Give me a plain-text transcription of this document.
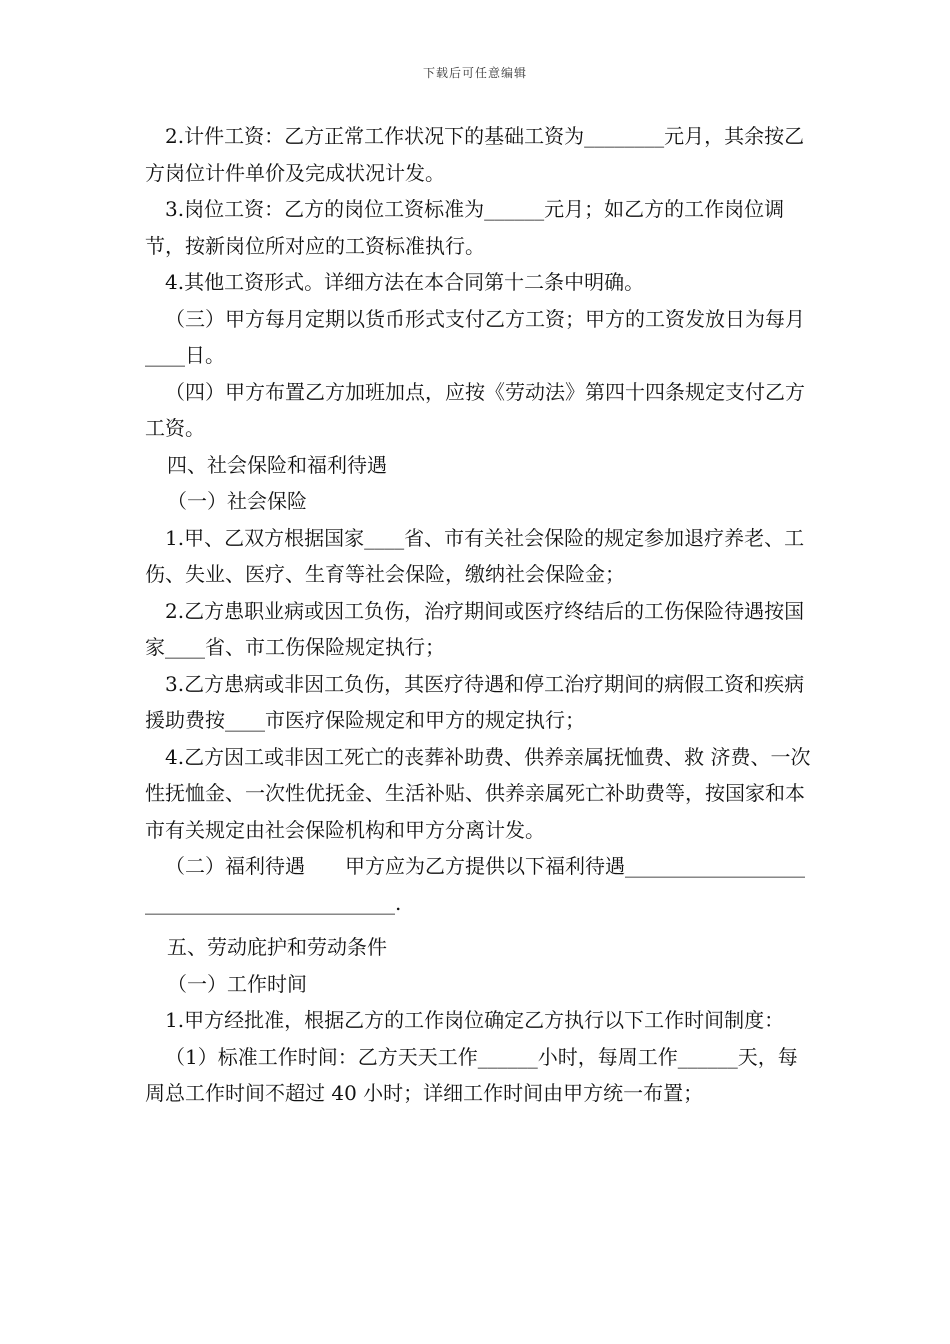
下载后可任意编辑

2.计件工资：乙方正常工作状况下的基础工资为________元月，其余按乙方岗位计件单价及完成状况计发。

3.岗位工资：乙方的岗位工资标准为______元月；如乙方的工作岗位调节，按新岗位所对应的工资标准执行。

4.其他工资形式。详细方法在本合同第十二条中明确。

（三）甲方每月定期以货币形式支付乙方工资；甲方的工资发放日为每月____日。

（四）甲方布置乙方加班加点，应按《劳动法》第四十四条规定支付乙方工资。

四、社会保险和福利待遇

（一）社会保险

1.甲、乙双方根据国家____省、市有关社会保险的规定参加退疗养老、工伤、失业、医疗、生育等社会保险，缴纳社会保险金；

2.乙方患职业病或因工负伤，治疗期间或医疗终结后的工伤保险待遇按国家____省、市工伤保险规定执行；

3.乙方患病或非因工负伤，其医疗待遇和停工治疗期间的病假工资和疾病援助费按____市医疗保险规定和甲方的规定执行；

4.乙方因工或非因工死亡的丧葬补助费、供养亲属抚恤费、救 济费、一次性抚恤金、一次性优抚金、生活补贴、供养亲属死亡补助费等，按国家和本市有关规定由社会保险机构和甲方分离计发。

（二）福利待遇　　甲方应为乙方提供以下福利待遇___________________________________________.

五、劳动庇护和劳动条件

（一）工作时间

1.甲方经批准，根据乙方的工作岗位确定乙方执行以下工作时间制度：

（1）标准工作时间：乙方天天工作______小时，每周工作______天，每周总工作时间不超过 40 小时；详细工作时间由甲方统一布置；
